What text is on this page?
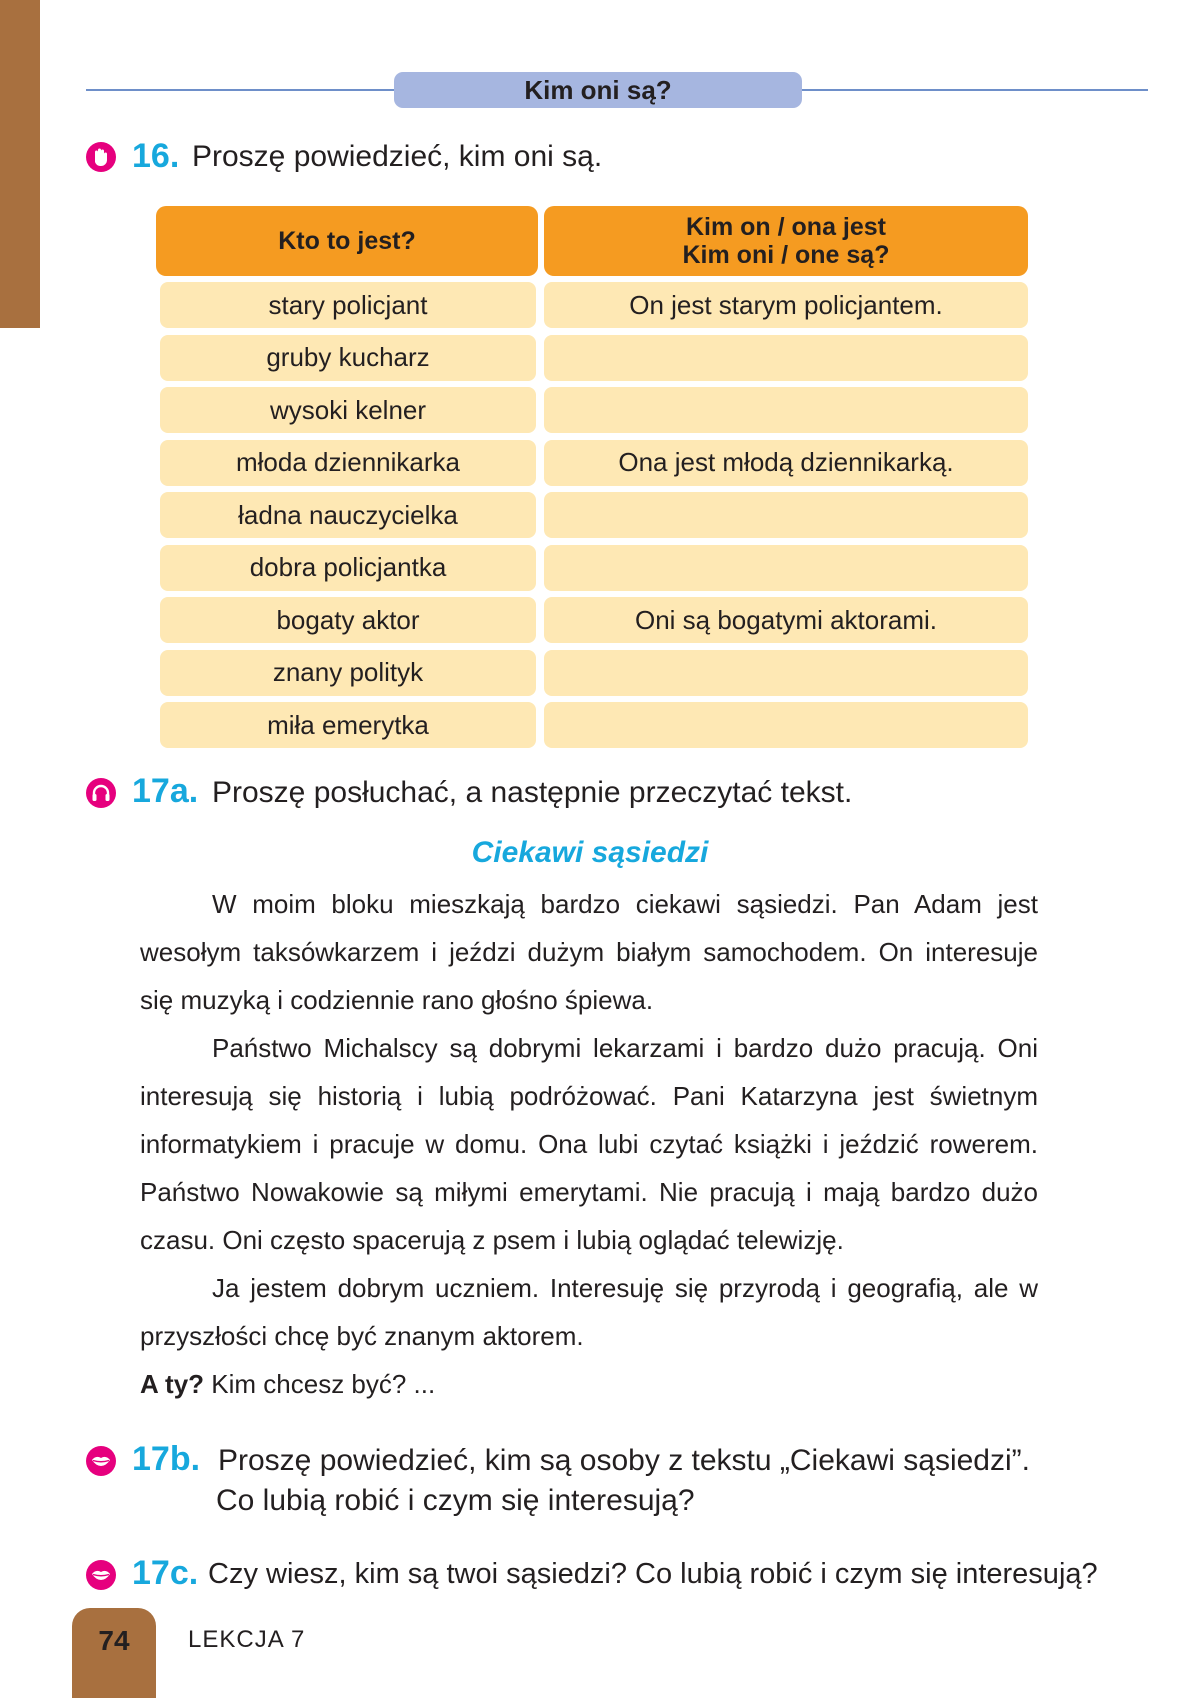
Kim oni są?
16. Proszę powiedzieć, kim oni są.
Kto to jest?	Kim on / ona jest
Kim oni / one są?
stary policjant	On jest starym policjantem.
gruby kucharz
wysoki kelner
młoda dziennikarka	Ona jest młodą dziennikarką.
ładna nauczycielka
dobra policjantka
bogaty aktor	Oni są bogatymi aktorami.
znany polityk
miła emerytka
17a. Proszę posłuchać, a następnie przeczytać tekst.
Ciekawi sąsiedzi

W moim bloku mieszkają bardzo ciekawi sąsiedzi. Pan Adam jest wesołym taksówkarzem i jeździ dużym białym samochodem. On interesuje się muzyką i codziennie rano głośno śpiewa.

Państwo Michalscy są dobrymi lekarzami i bardzo dużo pracują. Oni interesują się historią i lubią podróżować. Pani Katarzyna jest świetnym informatykiem i pracuje w domu. Ona lubi czytać książki i jeździć rowerem. Państwo Nowakowie są miłymi emerytami. Nie pracują i mają bardzo dużo czasu. Oni często spacerują z psem i lubią oglądać telewizję.

Ja jestem dobrym uczniem. Interesuję się przyrodą i geografią, ale w przyszłości chcę być znanym aktorem.

A ty? Kim chcesz być? ...

17b. Proszę powiedzieć, kim są osoby z tekstu „Ciekawi sąsiedzi”.
Co lubią robić i czym się interesują?
17c. Czy wiesz, kim są twoi sąsiedzi? Co lubią robić i czym się interesują?
74	LEKCJA 7
